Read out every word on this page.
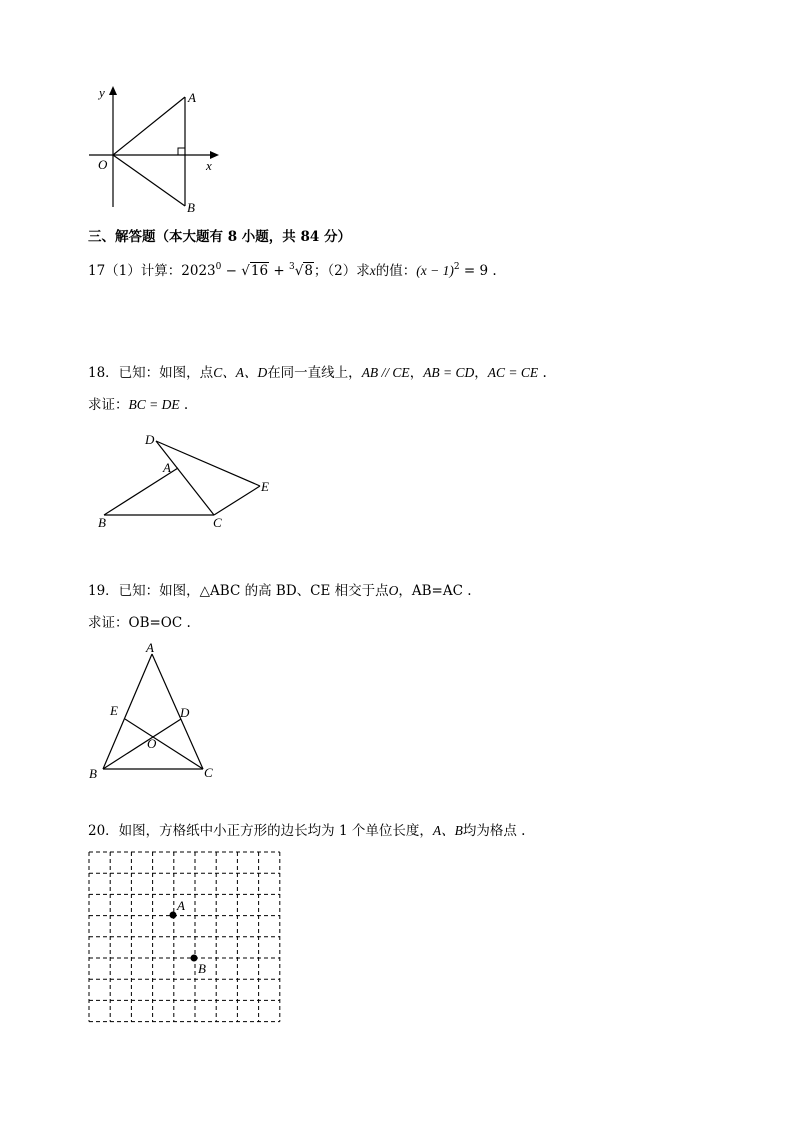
y
x
O
A
B
三、解答题（本大题有 8 小题，共 84 分）
17（1）计算：$2023^0 - √16 + ^3√8$；（2）求x的值：$(x - 1)^2 = 9$ .
18．已知：如图，点C、A、D在同一直线上，AB // CE，AB = CD，AC = CE .
求证：BC = DE .
D
A
E
B	C
19．已知：如图，△ABC 的高 BD、CE 相交于点O，AB=AC .
求证：OB=OC .
A
E	D
O
B	C
20．如图，方格纸中小正方形的边长均为 1 个单位长度，A、B均为格点 .
A
B
